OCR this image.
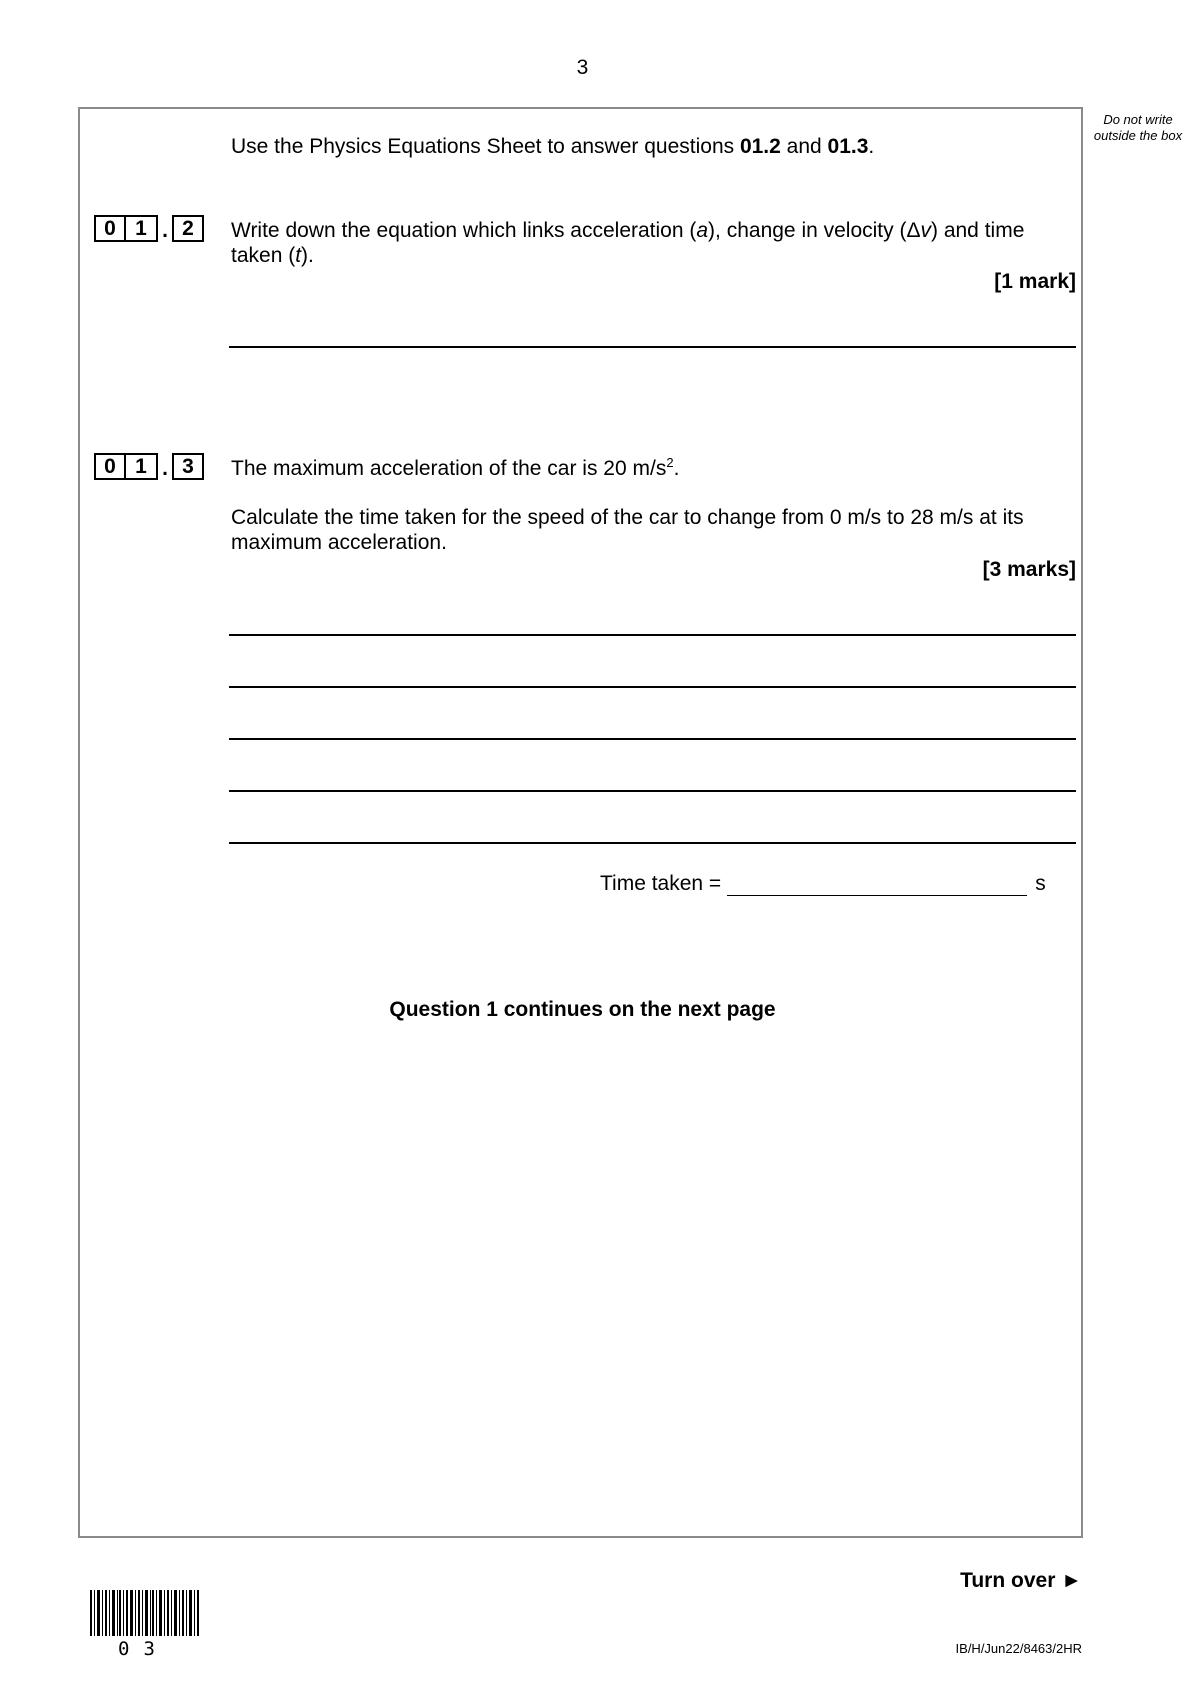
3
Do not write outside the box
Use the Physics Equations Sheet to answer questions 01.2 and 01.3.
0 1 . 2	Write down the equation which links acceleration (a), change in velocity (Δv) and time taken (t).
[1 mark]
0 1 . 3	The maximum acceleration of the car is 20 $m/s^2$.
Calculate the time taken for the speed of the car to change from 0 m/s to 28 m/s at its maximum acceleration.
[3 marks]
Time taken =	s
Question 1 continues on the next page
Turn over ►
03	IB/H/Jun22/8463/2HR
